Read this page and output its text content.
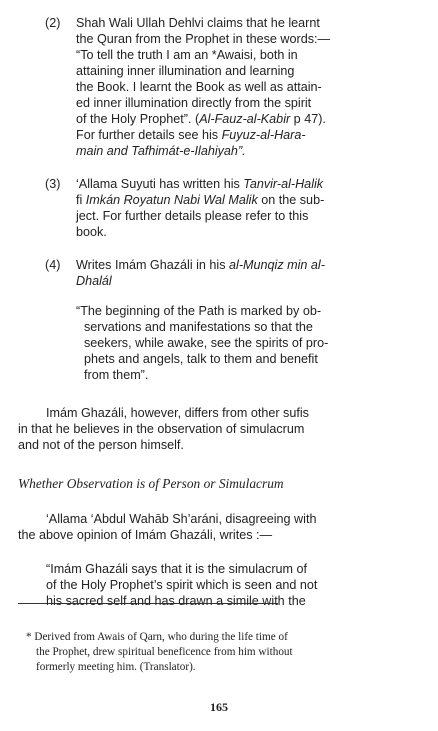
(2) Shah Wali Ullah Dehlvi claims that he learnt
the Quran from the Prophet in these words:—
“To tell the truth I am an *Awaisi, both in
attaining inner illumination and learning
the Book. I learnt the Book as well as attain-
ed inner illumination directly from the spirit
of the Holy Prophet”. (Al-Fauz-al-Kabir p 47).
For further details see his Fuyuz-al-Hara-
main and Tafhimát-e-Ilahiyah”.
(3) ‘Allama Suyuti has written his Tanvir-al-Halik
fi Imkán Royatun Nabi Wal Malik on the sub-
ject. For further details please refer to this
book.
(4) Writes Imám Ghazáli in his al-Munqiz min al-
Dhalál
“The beginning of the Path is marked by ob-
servations and manifestations so that the
seekers, while awake, see the spirits of pro-
phets and angels, talk to them and benefit
from them”.
Imám Ghazáli, however, differs from other sufis
in that he believes in the observation of simulacrum
and not of the person himself.
Whether Observation is of Person or Simulacrum
‘Allama ‘Abdul Wahāb Sh’aráni, disagreeing with
the above opinion of Imám Ghazáli, writes :—
“Imám Ghazáli says that it is the simulacrum of
of the Holy Prophet’s spirit which is seen and not
his sacred self and has drawn a simile with the
* Derived from Awais of Qarn, who during the life time of
the Prophet, drew spiritual beneficence from him without
formerly meeting him. (Translator).
165
